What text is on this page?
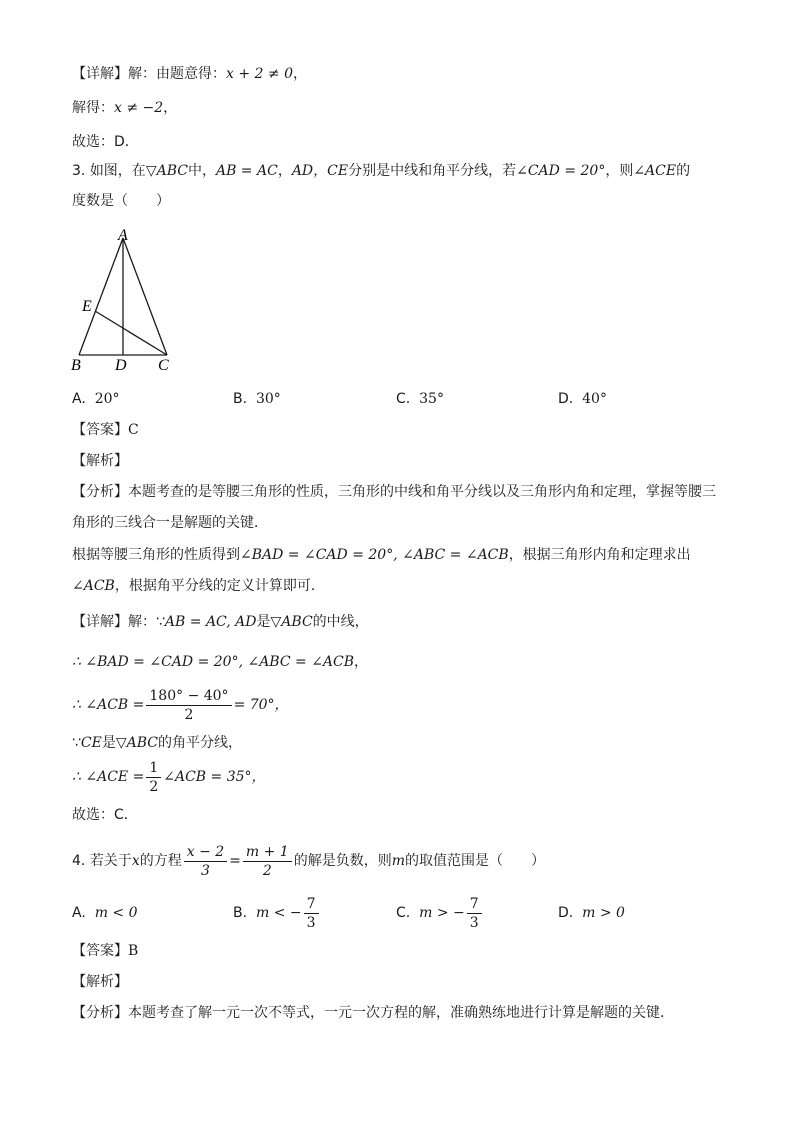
【详解】解：由题意得：x + 2 ≠ 0，
解得：x ≠ −2，
故选：D．
3. 如图，在▽ABC中，AB = AC，AD，CE分别是中线和角平分线，若∠CAD = 20°，则∠ACE的
度数是（　　）
A
E
B D C
A. 20°	B. 30°	C. 35°	D. 40°
【答案】C
【解析】
【分析】本题考查的是等腰三角形的性质，三角形的中线和角平分线以及三角形内角和定理，掌握等腰三
角形的三线合一是解题的关键．
根据等腰三角形的性质得到∠BAD = ∠CAD = 20°, ∠ABC = ∠ACB，根据三角形内角和定理求出
∠ACB，根据角平分线的定义计算即可．
【详解】解：∵AB = AC, AD是▽ABC的中线，
∴ ∠BAD = ∠CAD = 20°, ∠ABC = ∠ACB，
∴ ∠ACB = $\frac{180^\circ - 40^\circ}{2} = 70^\circ$，
∵CE是▽ABC的角平分线，
∴ ∠ACE = $\frac{1}{2}$ ∠ACB = 35°，
故选：C．
4. 若关于x的方程 $\frac{x - 2}{3} = \frac{m + 1}{2}$ 的解是负数，则m的取值范围是（　　）
A. m < 0	B. m < − $\frac{7}{3}$	C. m > − $\frac{7}{3}$	D. m > 0
【答案】B
【解析】
【分析】本题考查了解一元一次不等式，一元一次方程的解，准确熟练地进行计算是解题的关键．
